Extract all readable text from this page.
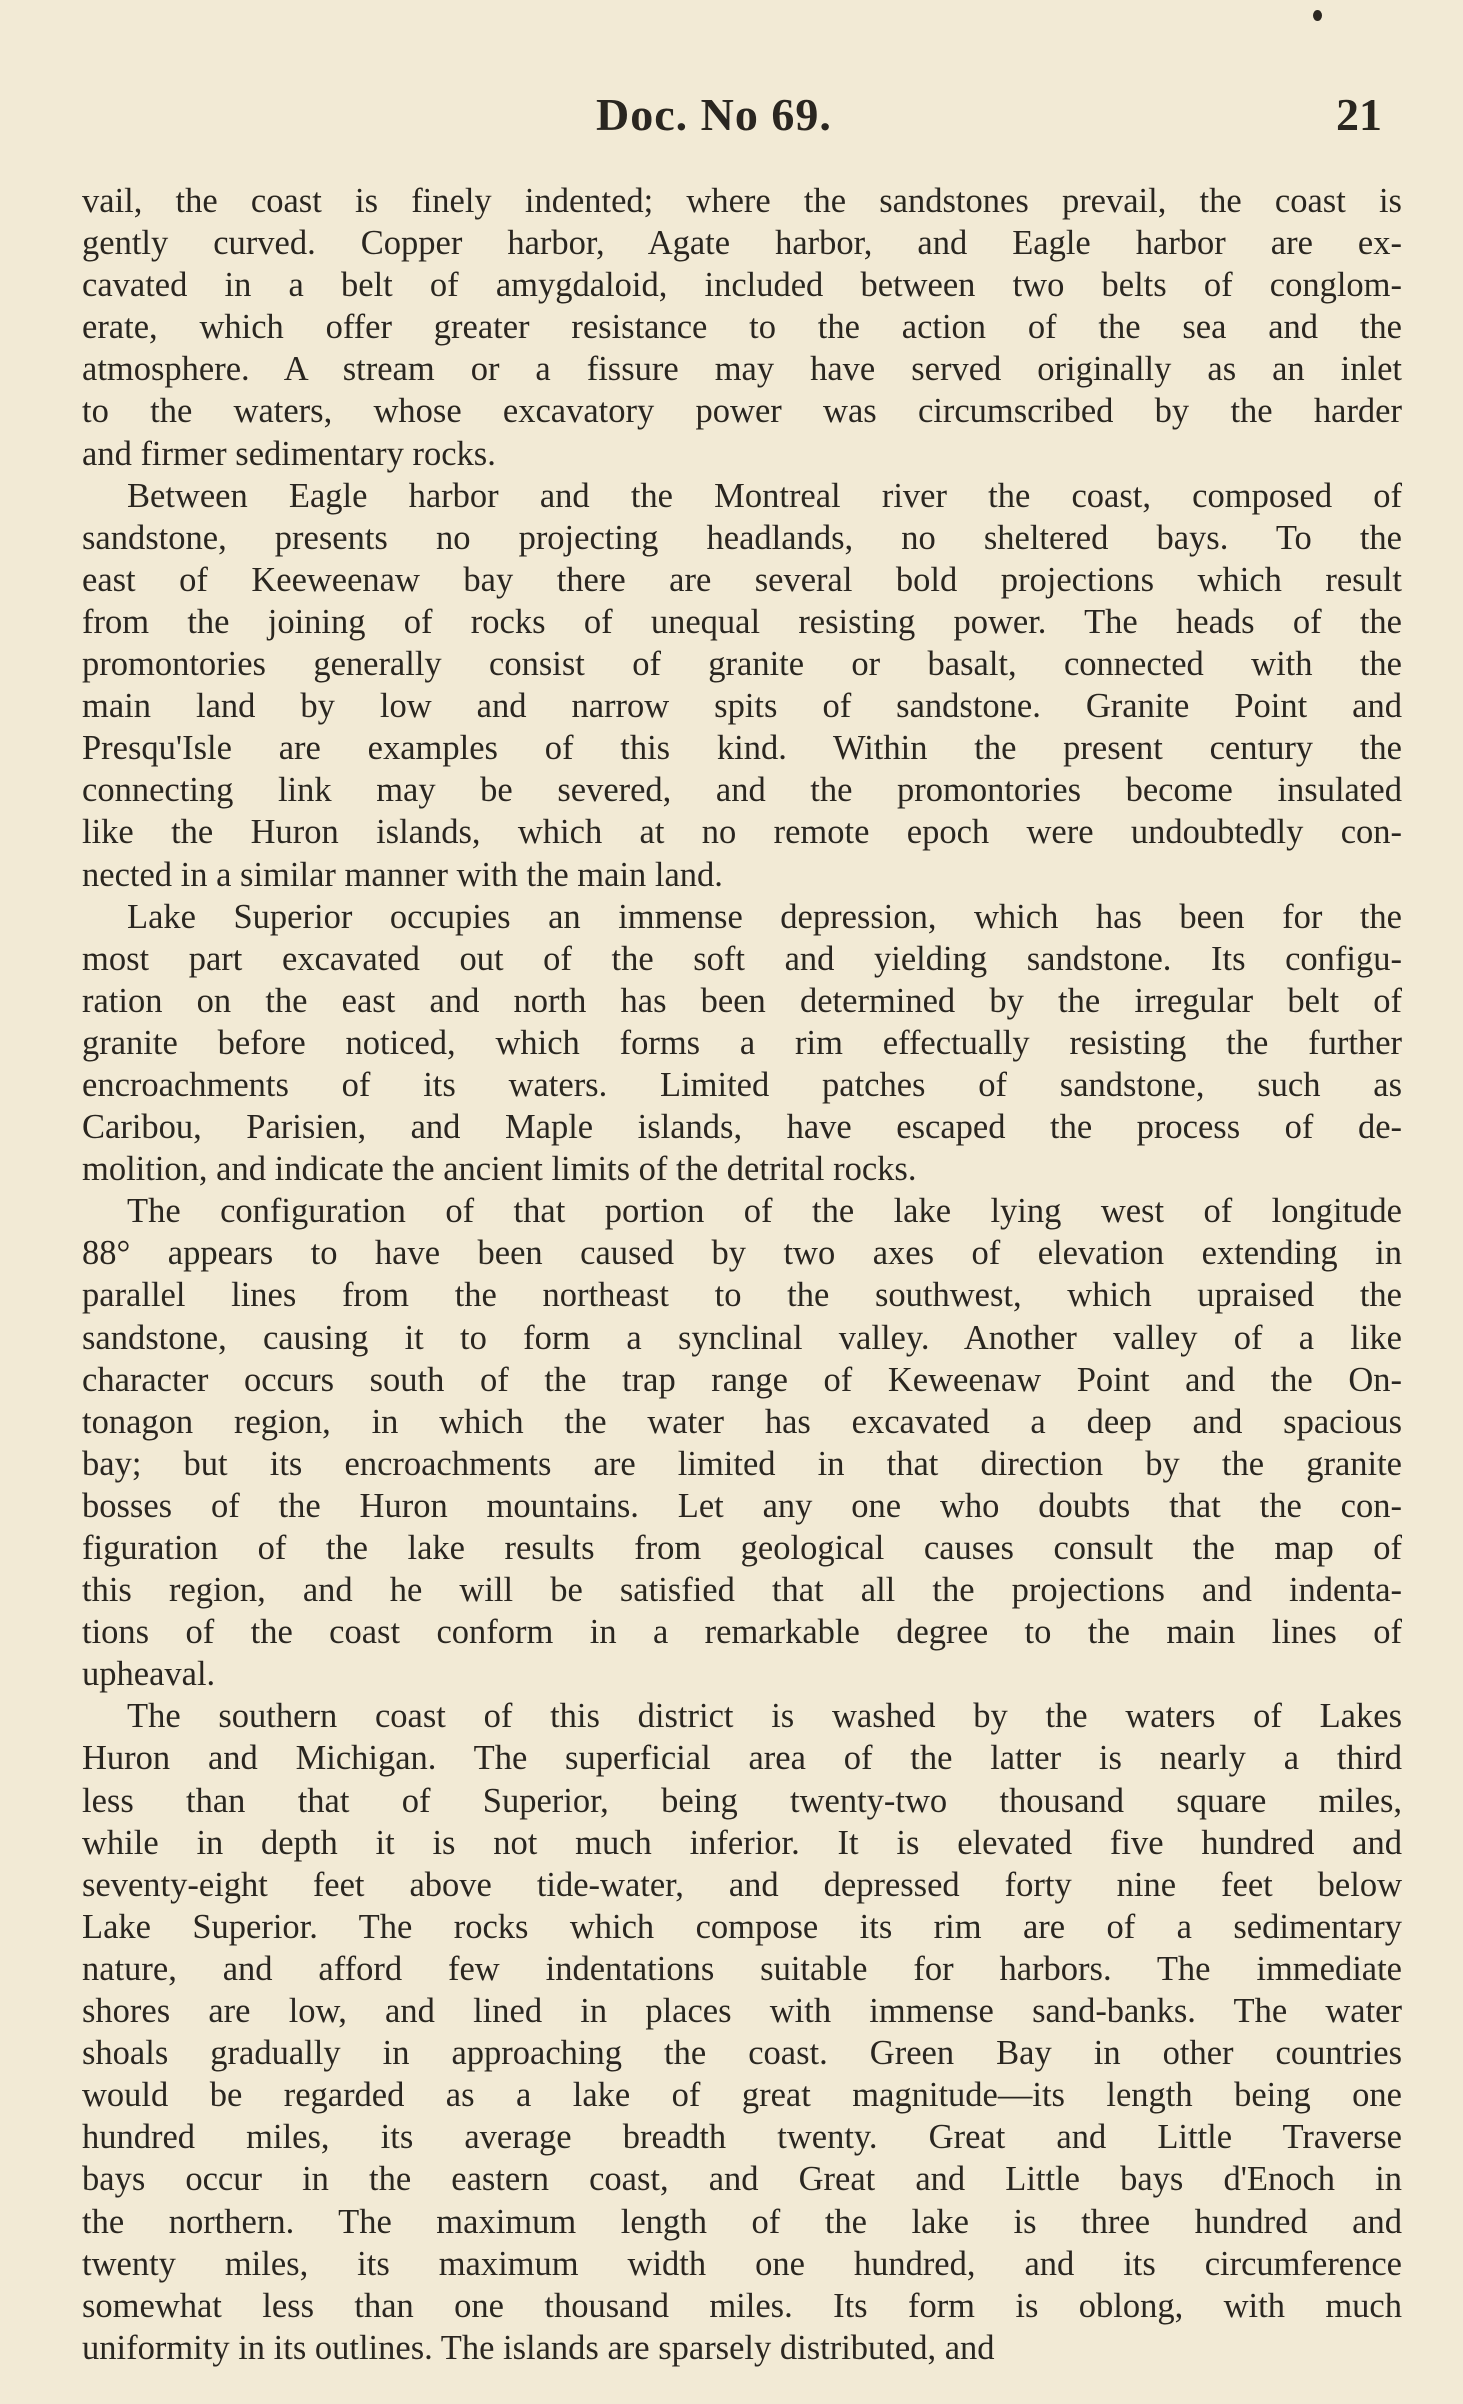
Doc. No 69.	21

vail, the coast is finely indented; where the sandstones prevail, the coast is
gently curved. Copper harbor, Agate harbor, and Eagle harbor are ex-
cavated in a belt of amygdaloid, included between two belts of conglom-
erate, which offer greater resistance to the action of the sea and the
atmosphere. A stream or a fissure may have served originally as an inlet
to the waters, whose excavatory power was circumscribed by the harder
and firmer sedimentary rocks.

Between Eagle harbor and the Montreal river the coast, composed of
sandstone, presents no projecting headlands, no sheltered bays. To the
east of Keeweenaw bay there are several bold projections which result
from the joining of rocks of unequal resisting power. The heads of the
promontories generally consist of granite or basalt, connected with the
main land by low and narrow spits of sandstone. Granite Point and
Presqu'Isle are examples of this kind. Within the present century the
connecting link may be severed, and the promontories become insulated
like the Huron islands, which at no remote epoch were undoubtedly con-
nected in a similar manner with the main land.

Lake Superior occupies an immense depression, which has been for the
most part excavated out of the soft and yielding sandstone. Its configu-
ration on the east and north has been determined by the irregular belt of
granite before noticed, which forms a rim effectually resisting the further
encroachments of its waters. Limited patches of sandstone, such as
Caribou, Parisien, and Maple islands, have escaped the process of de-
molition, and indicate the ancient limits of the detrital rocks.

The configuration of that portion of the lake lying west of longitude
88° appears to have been caused by two axes of elevation extending in
parallel lines from the northeast to the southwest, which upraised the
sandstone, causing it to form a synclinal valley. Another valley of a like
character occurs south of the trap range of Keweenaw Point and the On-
tonagon region, in which the water has excavated a deep and spacious
bay; but its encroachments are limited in that direction by the granite
bosses of the Huron mountains. Let any one who doubts that the con-
figuration of the lake results from geological causes consult the map of
this region, and he will be satisfied that all the projections and indenta-
tions of the coast conform in a remarkable degree to the main lines of
upheaval.

The southern coast of this district is washed by the waters of Lakes
Huron and Michigan. The superficial area of the latter is nearly a third
less than that of Superior, being twenty-two thousand square miles,
while in depth it is not much inferior. It is elevated five hundred and
seventy-eight feet above tide-water, and depressed forty nine feet below
Lake Superior. The rocks which compose its rim are of a sedimentary
nature, and afford few indentations suitable for harbors. The immediate
shores are low, and lined in places with immense sand-banks. The water
shoals gradually in approaching the coast. Green Bay in other countries
would be regarded as a lake of great magnitude—its length being one
hundred miles, its average breadth twenty. Great and Little Traverse
bays occur in the eastern coast, and Great and Little bays d'Enoch in
the northern. The maximum length of the lake is three hundred and
twenty miles, its maximum width one hundred, and its circumference
somewhat less than one thousand miles. Its form is oblong, with much
uniformity in its outlines. The islands are sparsely distributed, and
